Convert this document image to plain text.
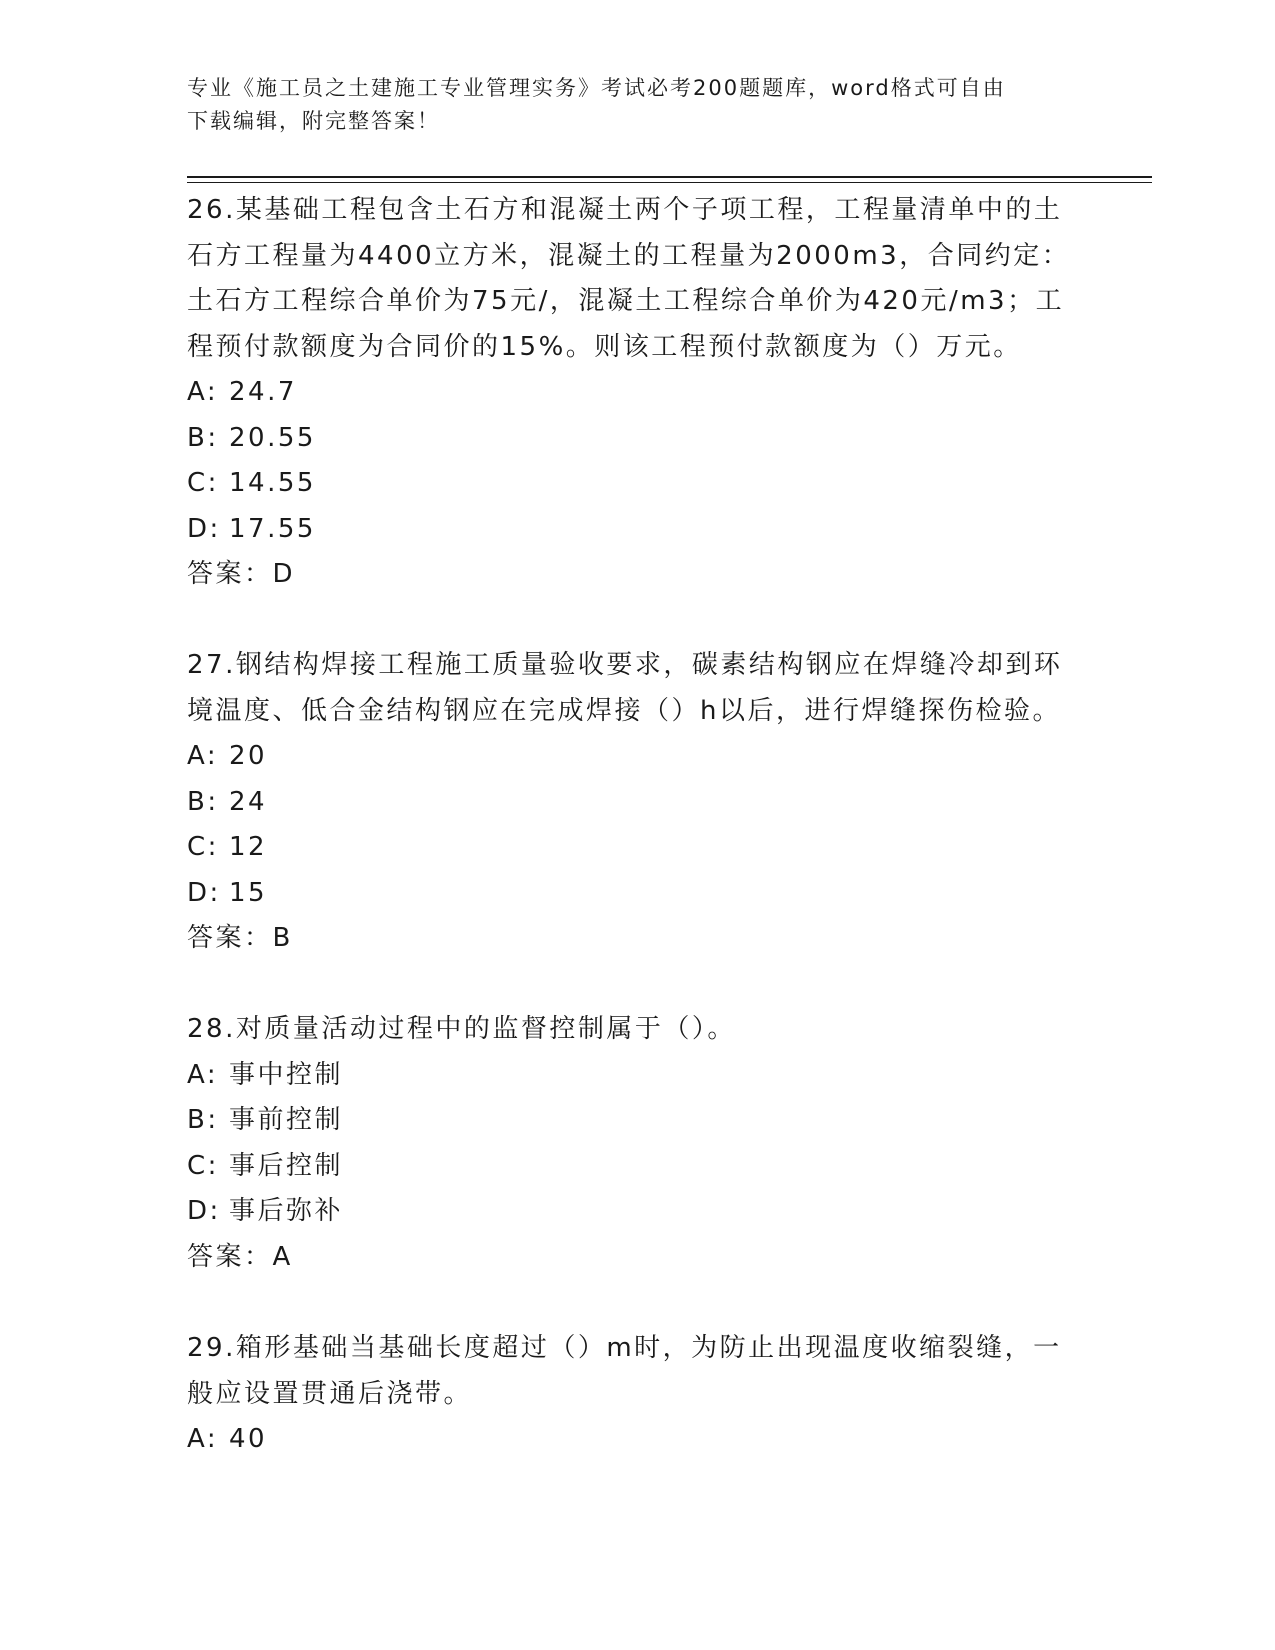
专业《施工员之土建施工专业管理实务》考试必考200题题库，word格式可自由
下载编辑，附完整答案！
26.某基础工程包含土石方和混凝土两个子项工程，工程量清单中的土石方工程量为4400立方米，混凝土的工程量为2000m3，合同约定：土石方工程综合单价为75元/，混凝土工程综合单价为420元/m3；工程预付款额度为合同价的15%。则该工程预付款额度为（）万元。
A: 24.7
B: 20.55
C: 14.55
D: 17.55
答案：D
27.钢结构焊接工程施工质量验收要求，碳素结构钢应在焊缝冷却到环境温度、低合金结构钢应在完成焊接（）h以后，进行焊缝探伤检验。
A: 20
B: 24
C: 12
D: 15
答案：B
28.对质量活动过程中的监督控制属于（）。
A: 事中控制
B: 事前控制
C: 事后控制
D: 事后弥补
答案：A
29.箱形基础当基础长度超过（）m时，为防止出现温度收缩裂缝，一般应设置贯通后浇带。
A: 40
